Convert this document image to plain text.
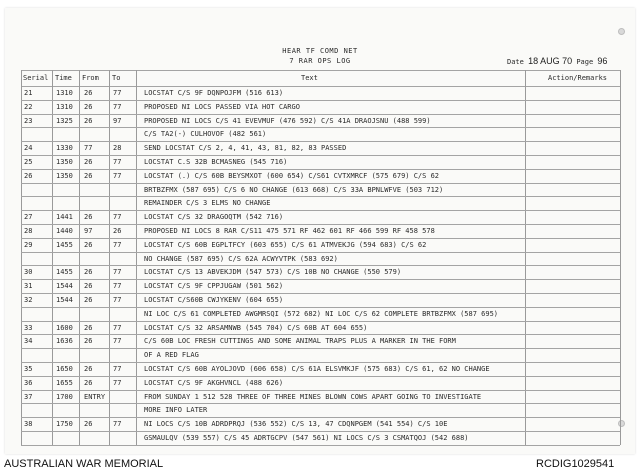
HEAR TF COMD NET
7 RAR OPS LOG	Date 18 AUG 70 Page 96
Serial Time From To	Text	Action/Remarks
21	1310 26	77	LOCSTAT C/S 9F DQNPOJFM (516 613)
22	1310 26	77	PROPOSED NI LOCS PASSED VIA HOT CARGO
23	1325 26	97	PROPOSED NI LOCS C/S 41 EVEVMUF (476 592) C/S 41A DRAOJSNU (488 599)
C/S TA2(-) CULHOVOF (482 561)
24	1330 77	28	SEND LOCSTAT C/S 2, 4, 41, 43, 81, 82, 83 PASSED
25	1350 26	77	LOCSTAT C.S 32B BCMASNEG (545 716)
26	1350 26	77	LOCSTAT (.) C/S 60B BEYSMXOT (600 654) C/S61 CVTXMRCF (575 679) C/S 62
BRTBZFMX (587 695) C/S 6 NO CHANGE (613 668) C/S 33A BPNLWFVE (503 712)
REMAINDER C/S 3 ELMS NO CHANGE
27	1441 26	77	LOCSTAT C/S 32 DRAGOQTM (542 716)
28	1440 97	26	PROPOSED NI LOCS 8 RAR C/S11 475 571 RF 462 601 RF 466 599 RF 458 578
29	1455 26	77	LOCSTAT C/S 60B EGPLTFCY (603 655) C/S 61 ATMVEKJG (594 683) C/S 62
NO CHANGE (587 695) C/S 62A ACWYVTPK (583 692)
30	1455 26	77	LOCSTAT C/S 13 ABVEKJDM (547 573) C/S 10B NO CHANGE (550 579)
31	1544 26	77	LOCSTAT C/S 9F CPPJUGAW (501 562)
32	1544 26	77	LOCSTAT C/S60B CWJYKENV (604 655)
NI LOC C/S 61 COMPLETED AWGMRSQI (572 682) NI LOC C/S 62 COMPLETE BRTBZFMX (587 695)
33	1600 26	77	LOCSTAT C/S 32 ARSAMNWB (545 704) C/S 60B AT 604 655)
34	1636 26	77	C/S 60B LOC FRESH CUTTINGS AND SOME ANIMAL TRAPS PLUS A MARKER IN THE FORM
OF A RED FLAG
35	1650 26	77	LOCSTAT C/S 60B AYOLJOVD (606 658) C/S 61A ELSVMKJF (575 683) C/S 61, 62 NO CHANGE
36	1655 26	77	LOCSTAT C/S 9F AKGHVNCL (488 626)
37	1700 ENTRY	FROM SUNDAY 1 512 528 THREE OF THREE MINES BLOWN COWS APART GOING TO INVESTIGATE
MORE INFO LATER
38	1750 26	77	NI LOCS C/S 10B ADRDPRQJ (536 552) C/S 13, 47 CDQNPGEM (541 554) C/S 10E
GSMAULQV (539 557) C/S 45 ADRTGCPV (547 561) NI LOCS C/S 3 CSMATQOJ (542 688)
AUSTRALIAN WAR MEMORIAL	RCDIG1029541
